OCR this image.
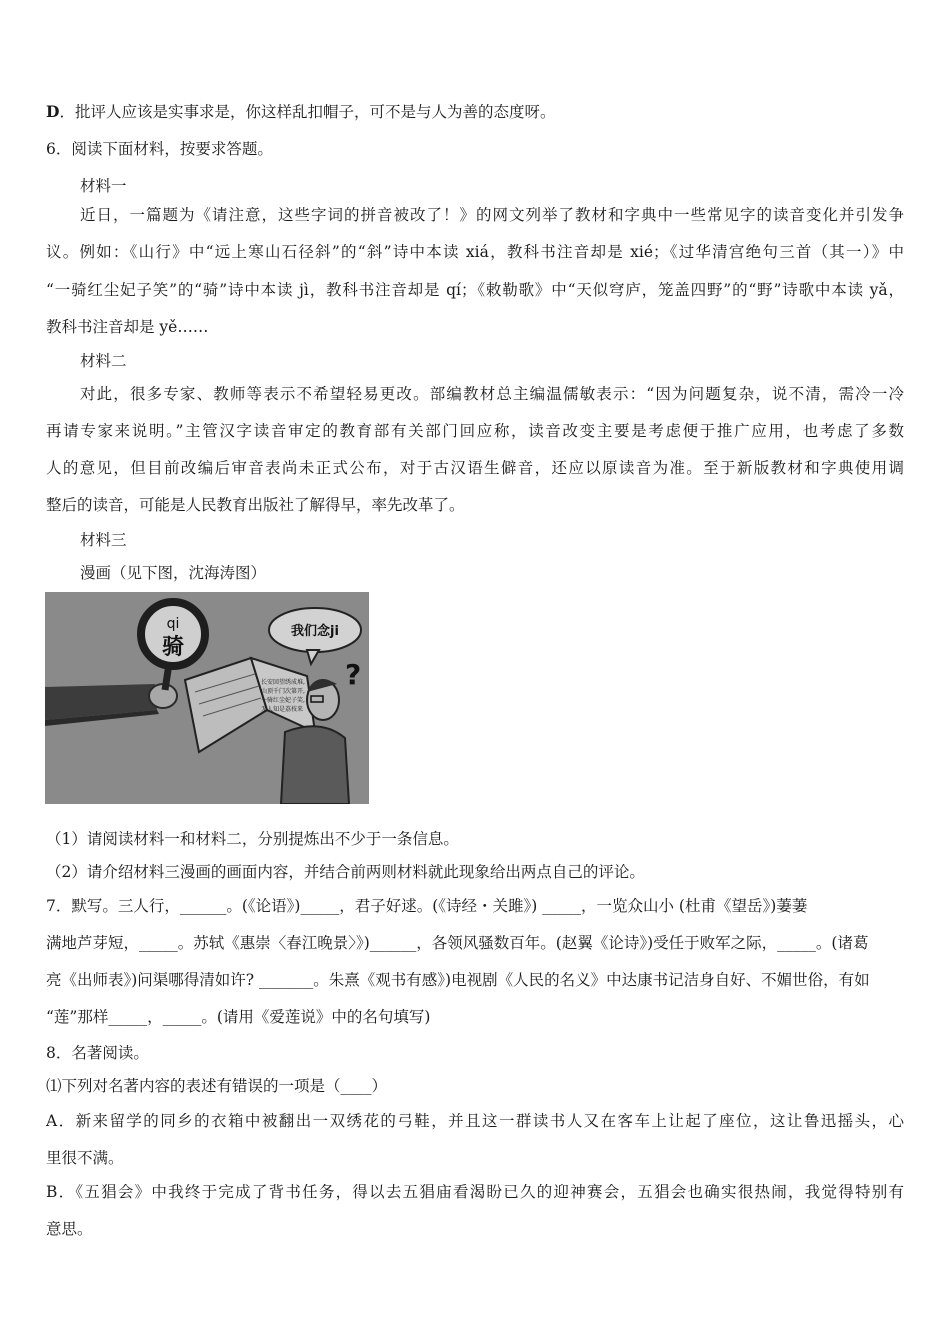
D．批评人应该是实事求是，你这样乱扣帽子，可不是与人为善的态度呀。
6．阅读下面材料，按要求答题。
材料一
近日，一篇题为《请注意，这些字词的拼音被改了！》的网文列举了教材和字典中一些常见字的读音变化并引发争
议。例如：《山行》中“远上寒山石径斜”的“斜”诗中本读 xiá，教科书注音却是 xié；《过华清宫绝句三首（其一）》中
“一骑红尘妃子笑”的“骑”诗中本读 jì，教科书注音却是 qí；《敕勒歌》中“天似穹庐，笼盖四野”的“野”诗歌中本读 yǎ，
教科书注音却是 yě……
材料二
对此，很多专家、教师等表示不希望轻易更改。部编教材总主编温儒敏表示：“因为问题复杂，说不清，需冷一冷
再请专家来说明。”主管汉字读音审定的教育部有关部门回应称，读音改变主要是考虑便于推广应用，也考虑了多数
人的意见，但目前改编后审音表尚未正式公布，对于古汉语生僻音，还应以原读音为准。至于新版教材和字典使用调
整后的读音，可能是人民教育出版社了解得早，率先改革了。
材料三
漫画（见下图，沈海涛图）
qi
骑
我们念ji
长安回望绣成堆,
山顶千门次第开,
一骑红尘妃子笑,
无人知是荔枝来
?
（1）请阅读材料一和材料二，分别提炼出不少于一条信息。
（2）请介绍材料三漫画的画面内容，并结合前两则材料就此现象给出两点自己的评论。
7．默写。三人行，______。(《论语》)_____，君子好逑。(《诗经・关雎》) _____，一览众山小 (杜甫《望岳》)萋萋
满地芦芽短，_____。苏轼《惠崇〈春江晚景〉》)______，各领风骚数百年。(赵翼《论诗》)受任于败军之际，_____。(诸葛
亮《出师表》)问渠哪得清如许? _______。朱熹《观书有感》)电视剧《人民的名义》中达康书记洁身自好、不媚世俗，有如
“莲”那样_____，_____。(请用《爱莲说》中的名句填写)
8．名著阅读。
⑴下列对名著内容的表述有错误的一项是（____）
A．新来留学的同乡的衣箱中被翻出一双绣花的弓鞋，并且这一群读书人又在客车上让起了座位，这让鲁迅摇头，心
里很不满。
B．《五猖会》中我终于完成了背书任务，得以去五猖庙看渴盼已久的迎神赛会，五猖会也确实很热闹，我觉得特别有
意思。
